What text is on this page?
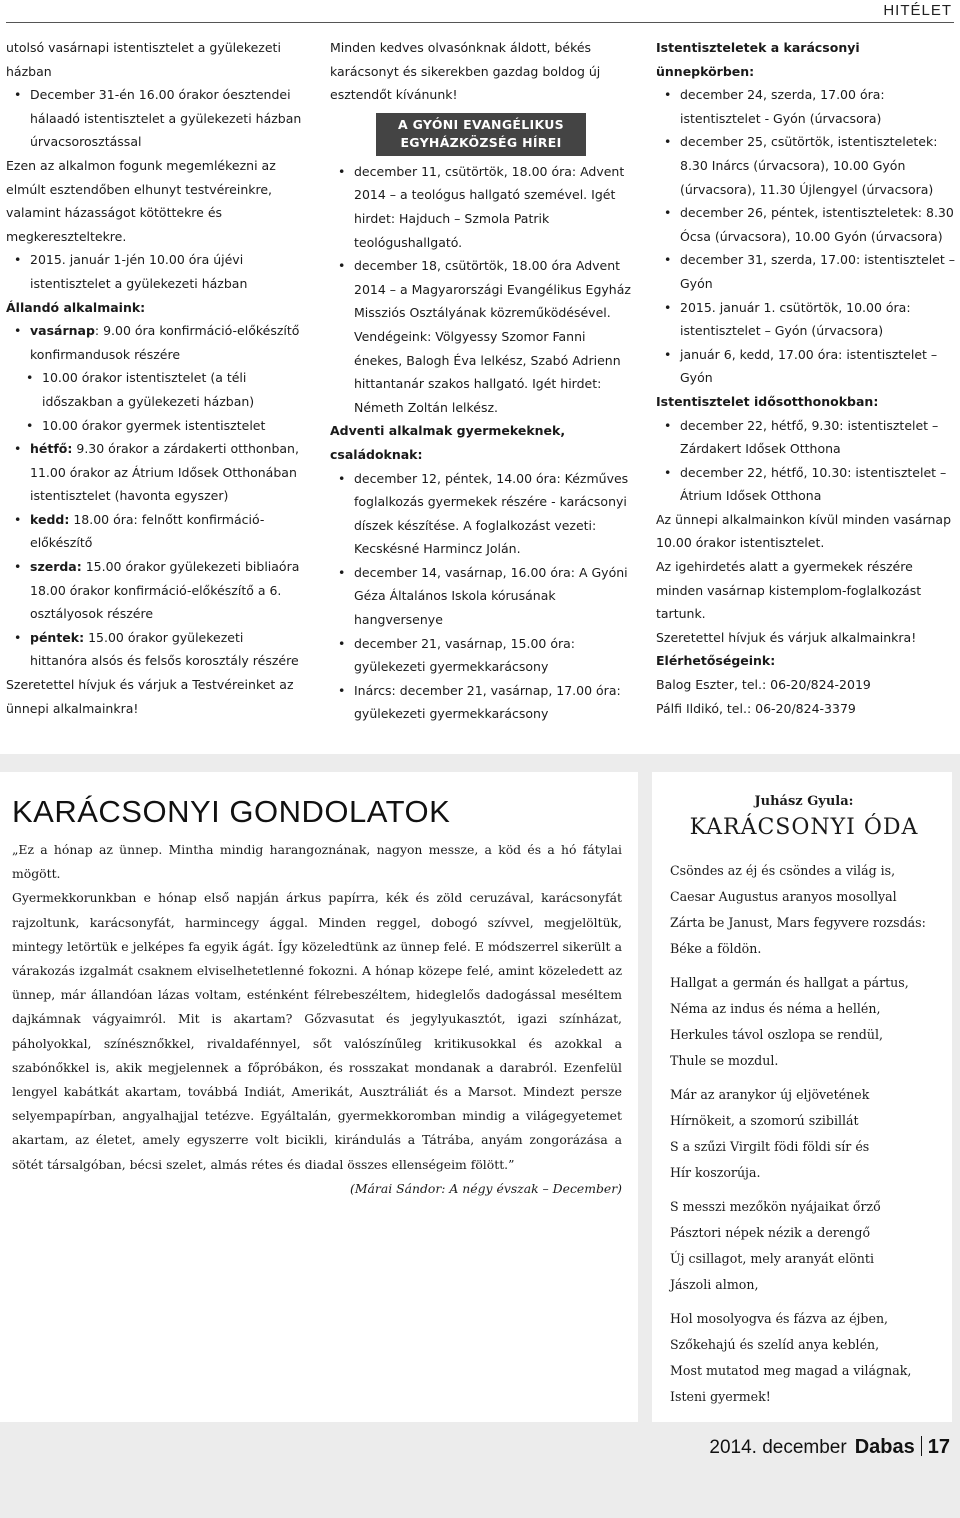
HITÉLET

utolsó vasárnapi istentisztelet a gyülekezeti házban

• December 31-én 16.00 órakor óesztendei hálaadó istentisztelet a gyülekezeti házban úrvacsorosztással

Ezen az alkalmon fogunk megemlékezni az elmúlt esztendőben elhunyt testvéreinkre, valamint házasságot kötöttekre és megkereszteltekre.

• 2015. január 1-jén 10.00 óra újévi istentisztelet a gyülekezeti házban

Állandó alkalmaink:

• vasárnap: 9.00 óra konfirmáció-előkészítő konfirmandusok részére
• 10.00 órakor istentisztelet (a téli időszakban a gyülekezeti házban)
• 10.00 órakor gyermek istentisztelet
• hétfő: 9.30 órakor a zárdakerti otthonban, 11.00 órakor az Átrium Idősek Otthonában istentisztelet (havonta egyszer)
• kedd: 18.00 óra: felnőtt konfirmáció-előkészítő
• szerda: 15.00 órakor gyülekezeti bibliaóra 18.00 órakor konfirmáció-előkészítő a 6. osztályosok részére
• péntek: 15.00 órakor gyülekezeti hittanóra alsós és felsős korosztály részére

Szeretettel hívjuk és várjuk a Testvéreinket az ünnepi alkalmainkra!

Minden kedves olvasónknak áldott, békés karácsonyt és sikerekben gazdag boldog új esztendőt kívánunk!

A GYÓNI EVANGÉLIKUS
EGYHÁZKÖZSÉG HÍREI
• december 11, csütörtök, 18.00 óra: Advent 2014 – a teológus hallgató szemével. Igét hirdet: Hajduch – Szmola Patrik teológushallgató.
• december 18, csütörtök, 18.00 óra Advent 2014 – a Magyarországi Evangélikus Egyház Missziós Osztályának közreműködésével. Vendégeink: Völgyessy Szomor Fanni énekes, Balogh Éva lelkész, Szabó Adrienn hittantanár szakos hallgató. Igét hirdet: Németh Zoltán lelkész.

Adventi alkalmak gyermekeknek, családoknak:

• december 12, péntek, 14.00 óra: Kézműves foglalkozás gyermekek részére - karácsonyi díszek készítése. A foglalkozást vezeti: Kecskésné Harmincz Jolán.
• december 14, vasárnap, 16.00 óra: A Gyóni Géza Általános Iskola kórusának hangversenye
• december 21, vasárnap, 15.00 óra: gyülekezeti gyermekkarácsony
• Inárcs: december 21, vasárnap, 17.00 óra: gyülekezeti gyermekkarácsony

Istentiszteletek a karácsonyi ünnepkörben:

• december 24, szerda, 17.00 óra: istentisztelet - Gyón (úrvacsora)
• december 25, csütörtök, istentiszteletek: 8.30 Inárcs (úrvacsora), 10.00 Gyón (úrvacsora), 11.30 Újlengyel (úrvacsora)
• december 26, péntek, istentiszteletek: 8.30 Ócsa (úrvacsora), 10.00 Gyón (úrvacsora)
• december 31, szerda, 17.00: istentisztelet – Gyón
• 2015. január 1. csütörtök, 10.00 óra: istentisztelet – Gyón (úrvacsora)
• január 6, kedd, 17.00 óra: istentisztelet – Gyón

Istentisztelet idősotthonokban:

• december 22, hétfő, 9.30: istentisztelet – Zárdakert Idősek Otthona
• december 22, hétfő, 10.30: istentisztelet – Átrium Idősek Otthona

Az ünnepi alkalmainkon kívül minden vasárnap 10.00 órakor istentisztelet.

Az igehirdetés alatt a gyermekek részére minden vasárnap kistemplom-foglalkozást tartunk.

Szeretettel hívjuk és várjuk alkalmainkra!

Elérhetőségeink:

Balog Eszter, tel.: 06-20/824-2019

Pálfi Ildikó, tel.: 06-20/824-3379

KARÁCSONYI GONDOLATOK

„Ez a hónap az ünnep. Mintha mindig harangoznának, nagyon messze, a köd és a hó fátylai mögött.

Gyermekkorunkban e hónap első napján árkus papírra, kék és zöld ceruzával, karácsonyfát rajzoltunk, karácsonyfát, harmincegy ággal. Minden reggel, dobogó szívvel, megjelöltük, mintegy letörtük e jelképes fa egyik ágát. Így közeledtünk az ünnep felé. E módszerrel sikerült a várakozás izgalmát csaknem elviselhetetlenné fokozni. A hónap közepe felé, amint közeledett az ünnep, már állandóan lázas voltam, esténként félrebeszéltem, hideglelős dadogással meséltem dajkámnak vágyaimról. Mit is akartam? Gőzvasutat és jegylyukasztót, igazi színházat, páholyokkal, színésznőkkel, rivaldafénnyel, sőt valószínűleg kritikusokkal és azokkal a szabónőkkel is, akik megjelennek a főpróbákon, és rosszakat mondanak a darabról. Ezenfelül lengyel kabátkát akartam, továbbá Indiát, Amerikát, Ausztráliát és a Marsot. Mindezt persze selyempapírban, angyalhajjal tetézve. Egyáltalán, gyermekkoromban mindig a világegyetemet akartam, az életet, amely egyszerre volt bicikli, kirándulás a Tátrába, anyám zongorázása a sötét társalgóban, bécsi szelet, almás rétes és diadal összes ellenségeim fölött.”

(Márai Sándor: A négy évszak – December)

Juhász Gyula:
KARÁCSONYI ÓDA
Csöndes az éj és csöndes a világ is,
Caesar Augustus aranyos mosollyal
Zárta be Janust, Mars fegyvere rozsdás:
Béke a földön.
Hallgat a germán és hallgat a pártus,
Néma az indus és néma a hellén,
Herkules távol oszlopa se rendül,
Thule se mozdul.
Már az aranykor új eljövetének
Hírnökeit, a szomorú szibillát
S a szűzi Virgilt födi földi sír és
Hír koszorúja.
S messzi mezőkön nyájaikat őrző
Pásztori népek nézik a derengő
Új csillagot, mely aranyát elönti
Jászoli almon,
Hol mosolyogva és fázva az éjben,
Szőkehajú és szelíd anya keblén,
Most mutatod meg magad a világnak,
Isteni gyermek!
2014. december Dabas 17
